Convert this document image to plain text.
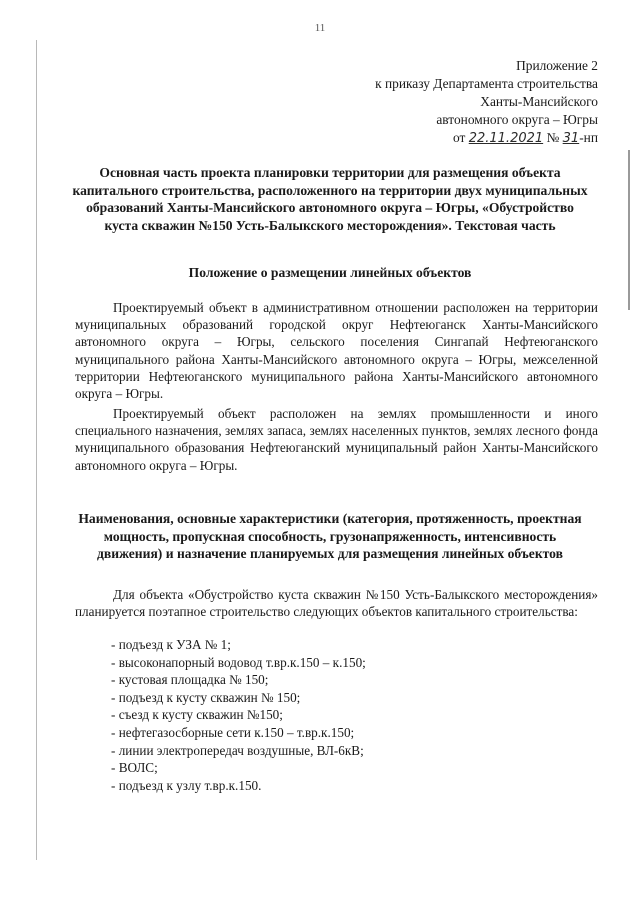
11
Приложение 2
к приказу Департамента строительства
Ханты-Мансийского
автономного округа – Югры
от 22.11.2021 № 31-нп
Основная часть проекта планировки территории для размещения объекта капитального строительства, расположенного на территории двух муниципальных образований Ханты-Мансийского автономного округа – Югры, «Обустройство куста скважин №150 Усть-Балыкского месторождения». Текстовая часть
Положение о размещении линейных объектов
Проектируемый объект в административном отношении расположен на территории муниципальных образований городской округ Нефтеюганск Ханты-Мансийского автономного округа – Югры, сельского поселения Сингапай Нефтеюганского муниципального района Ханты-Мансийского автономного округа – Югры, межселенной территории Нефтеюганского муниципального района Ханты-Мансийского автономного округа – Югры.
Проектируемый объект расположен на землях промышленности и иного специального назначения, землях запаса, землях населенных пунктов, землях лесного фонда муниципального образования Нефтеюганский муниципальный район Ханты-Мансийского автономного округа – Югры.
Наименования, основные характеристики (категория, протяженность, проектная мощность, пропускная способность, грузонапряженность, интенсивность движения) и назначение планируемых для размещения линейных объектов
Для объекта «Обустройство куста скважин №150 Усть-Балыкского месторождения» планируется поэтапное строительство следующих объектов капитального строительства:
- подъезд к УЗА № 1;
- высоконапорный водовод т.вр.к.150 – к.150;
- кустовая площадка № 150;
- подъезд к кусту скважин № 150;
- съезд к кусту скважин №150;
- нефтегазосборные сети к.150 – т.вр.к.150;
- линии электропередач воздушные, ВЛ-6кВ;
- ВОЛС;
- подъезд к узлу т.вр.к.150.
